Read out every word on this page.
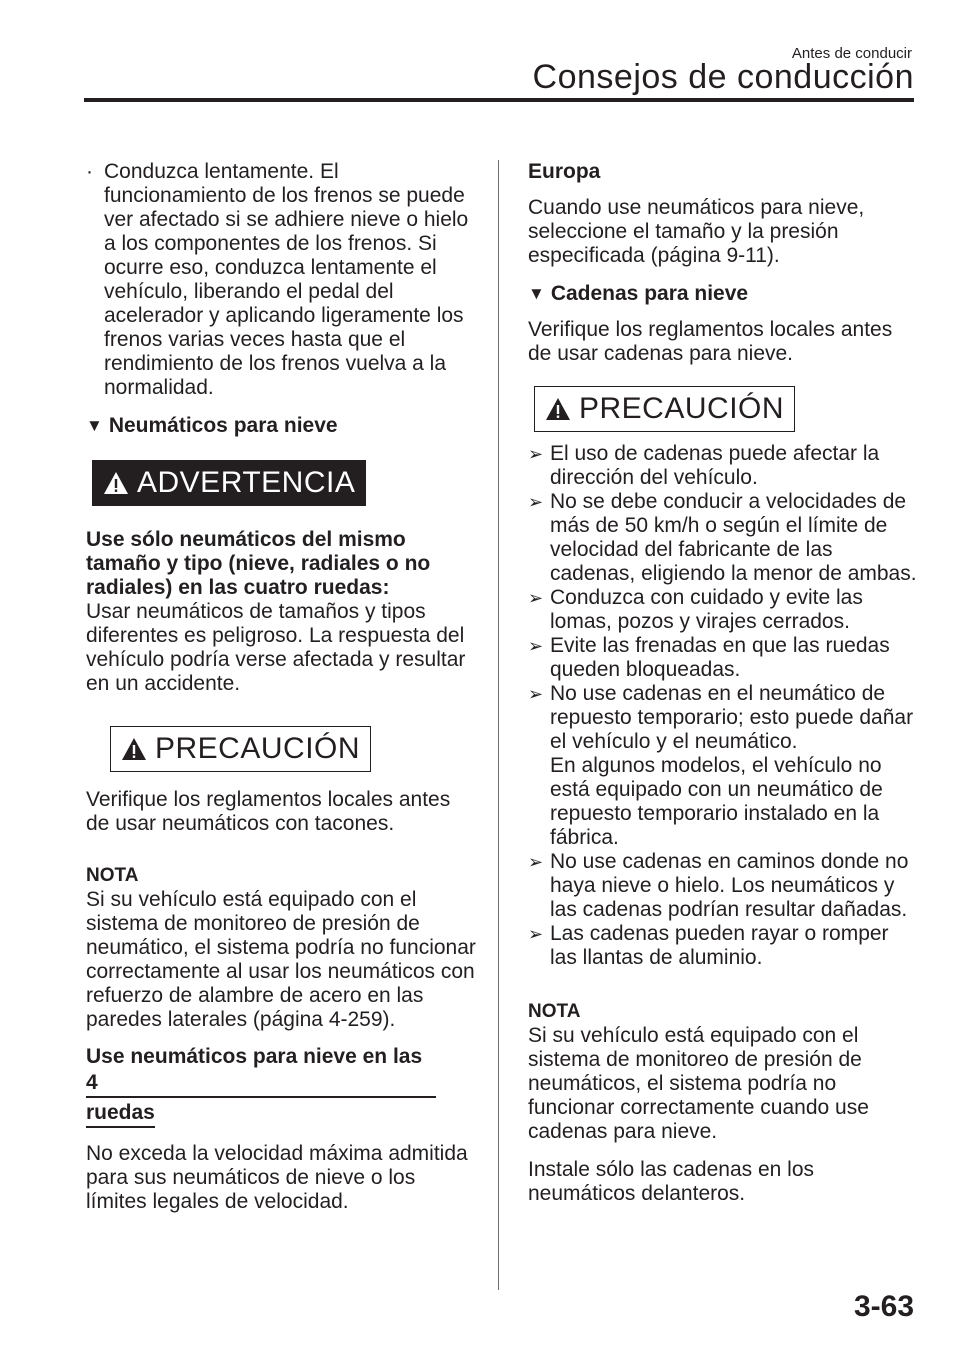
Antes de conducir
Consejos de conducción
· Conduzca lentamente. El funcionamiento de los frenos se puede ver afectado si se adhiere nieve o hielo a los componentes de los frenos. Si ocurre eso, conduzca lentamente el vehículo, liberando el pedal del acelerador y aplicando ligeramente los frenos varias veces hasta que el rendimiento de los frenos vuelva a la normalidad.

▼ Neumáticos para nieve
ADVERTENCIA

Use sólo neumáticos del mismo tamaño y tipo (nieve, radiales o no radiales) en las cuatro ruedas:

Usar neumáticos de tamaños y tipos diferentes es peligroso. La respuesta del vehículo podría verse afectada y resultar en un accidente.

PRECAUCIÓN

Verifique los reglamentos locales antes de usar neumáticos con tacones.

NOTA

Si su vehículo está equipado con el sistema de monitoreo de presión de neumático, el sistema podría no funcionar correctamente al usar los neumáticos con refuerzo de alambre de acero en las paredes laterales (página 4-259).

Use neumáticos para nieve en las 4
ruedas

No exceda la velocidad máxima admitida para sus neumáticos de nieve o los límites legales de velocidad.

Europa

Cuando use neumáticos para nieve, seleccione el tamaño y la presión especificada (página 9-11).

▼ Cadenas para nieve

Verifique los reglamentos locales antes de usar cadenas para nieve.

PRECAUCIÓN
➢ El uso de cadenas puede afectar la dirección del vehículo.

➢ No se debe conducir a velocidades de más de 50 km/h o según el límite de velocidad del fabricante de las cadenas, eligiendo la menor de ambas.

➢ Conduzca con cuidado y evite las lomas, pozos y virajes cerrados.

➢ Evite las frenadas en que las ruedas queden bloqueadas.

➢ No use cadenas en el neumático de repuesto temporario; esto puede dañar el vehículo y el neumático.

En algunos modelos, el vehículo no está equipado con un neumático de repuesto temporario instalado en la fábrica.

➢ No use cadenas en caminos donde no haya nieve o hielo. Los neumáticos y las cadenas podrían resultar dañadas.

➢ Las cadenas pueden rayar o romper las llantas de aluminio.

NOTA

Si su vehículo está equipado con el sistema de monitoreo de presión de neumáticos, el sistema podría no funcionar correctamente cuando use cadenas para nieve.

Instale sólo las cadenas en los neumáticos delanteros.

3-63
